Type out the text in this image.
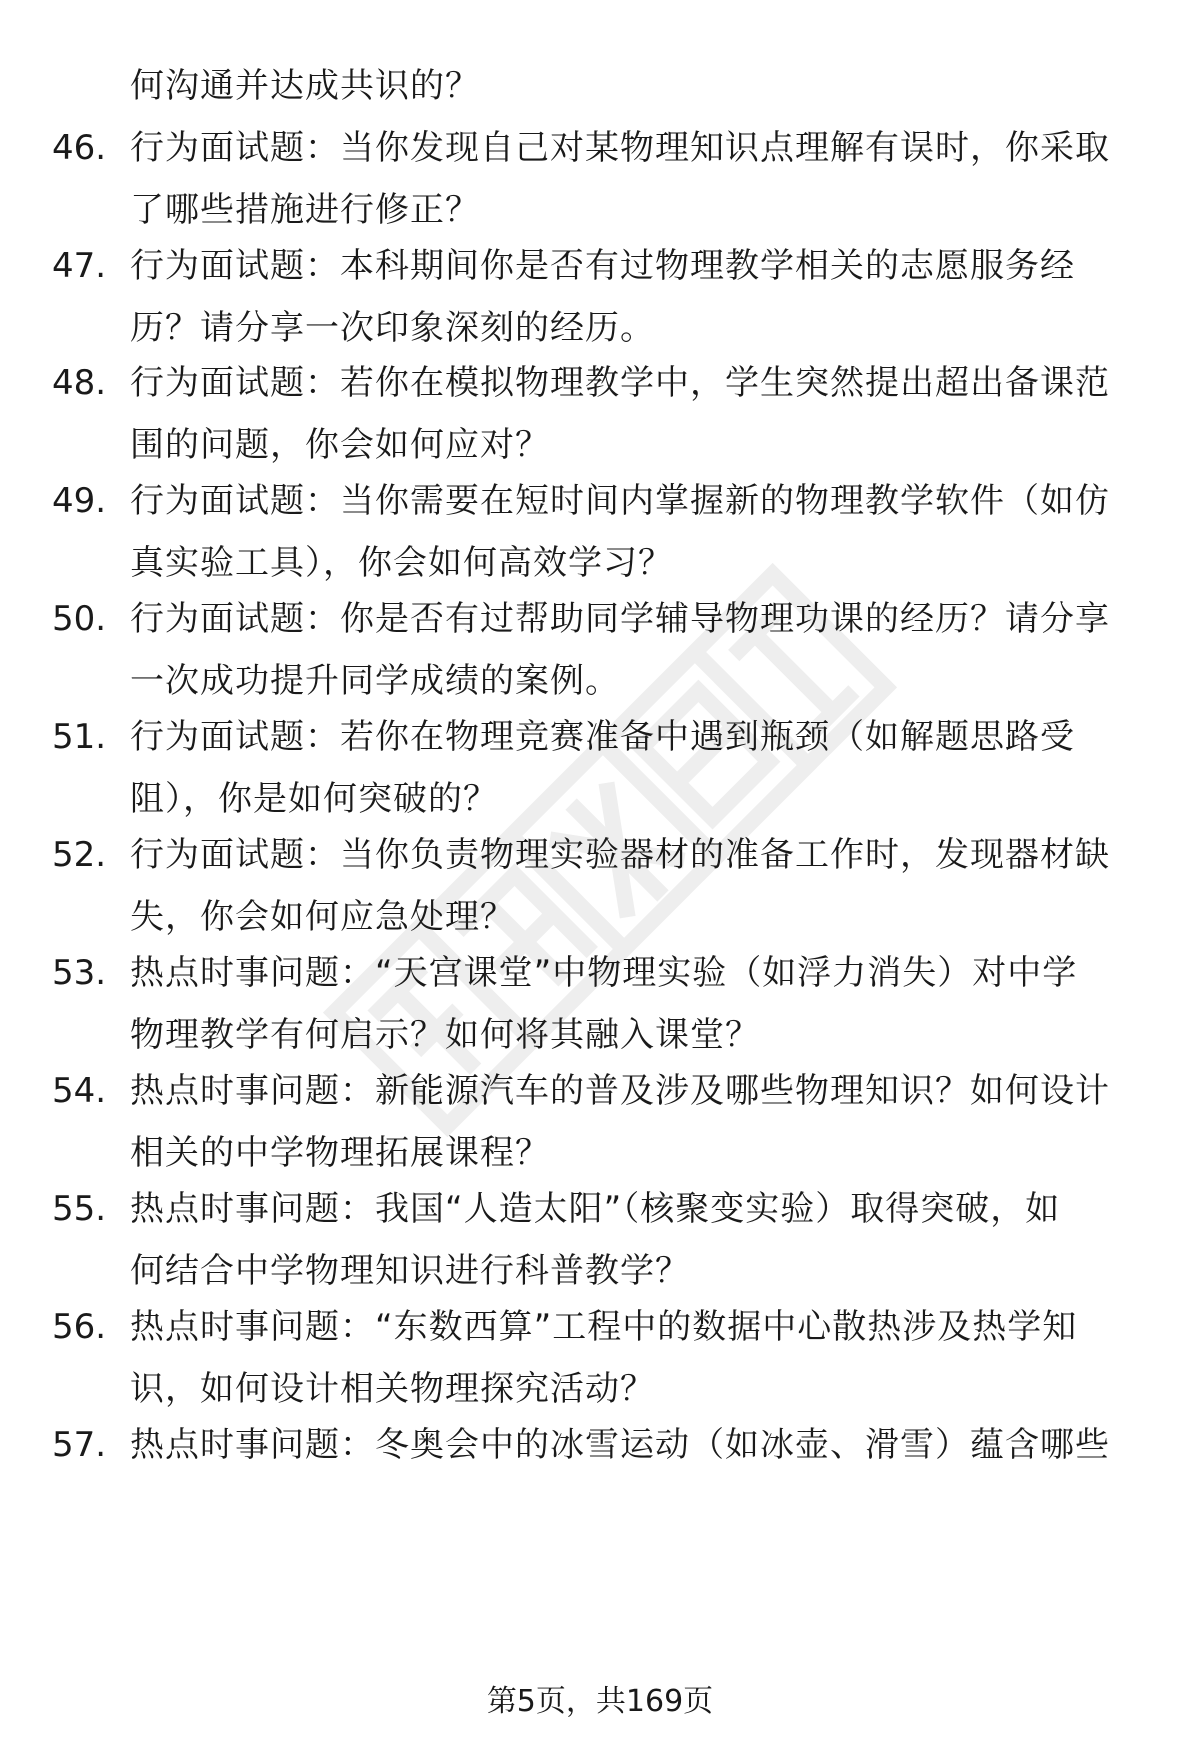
何沟通并达成共识的？
46. 行为面试题：当你发现自己对某物理知识点理解有误时，你采取
了哪些措施进行修正？
47. 行为面试题：本科期间你是否有过物理教学相关的志愿服务经
历？请分享一次印象深刻的经历。
48. 行为面试题：若你在模拟物理教学中，学生突然提出超出备课范
围的问题，你会如何应对？
49. 行为面试题：当你需要在短时间内掌握新的物理教学软件（如仿
真实验工具），你会如何高效学习？
50. 行为面试题：你是否有过帮助同学辅导物理功课的经历？请分享
一次成功提升同学成绩的案例。
51. 行为面试题：若你在物理竞赛准备中遇到瓶颈（如解题思路受
阻），你是如何突破的？
52. 行为面试题：当你负责物理实验器材的准备工作时，发现器材缺
失，你会如何应急处理？
53. 热点时事问题：“天宫课堂”中物理实验（如浮力消失）对中学
物理教学有何启示？如何将其融入课堂？
54. 热点时事问题：新能源汽车的普及涉及哪些物理知识？如何设计
相关的中学物理拓展课程？
55. 热点时事问题：我国“人造太阳”（核聚变实验）取得突破，如
何结合中学物理知识进行科普教学？
56. 热点时事问题：“东数西算”工程中的数据中心散热涉及热学知
识，如何设计相关物理探究活动？
57. 热点时事问题：冬奥会中的冰雪运动（如冰壶、滑雪）蕴含哪些
第5页，共169页
